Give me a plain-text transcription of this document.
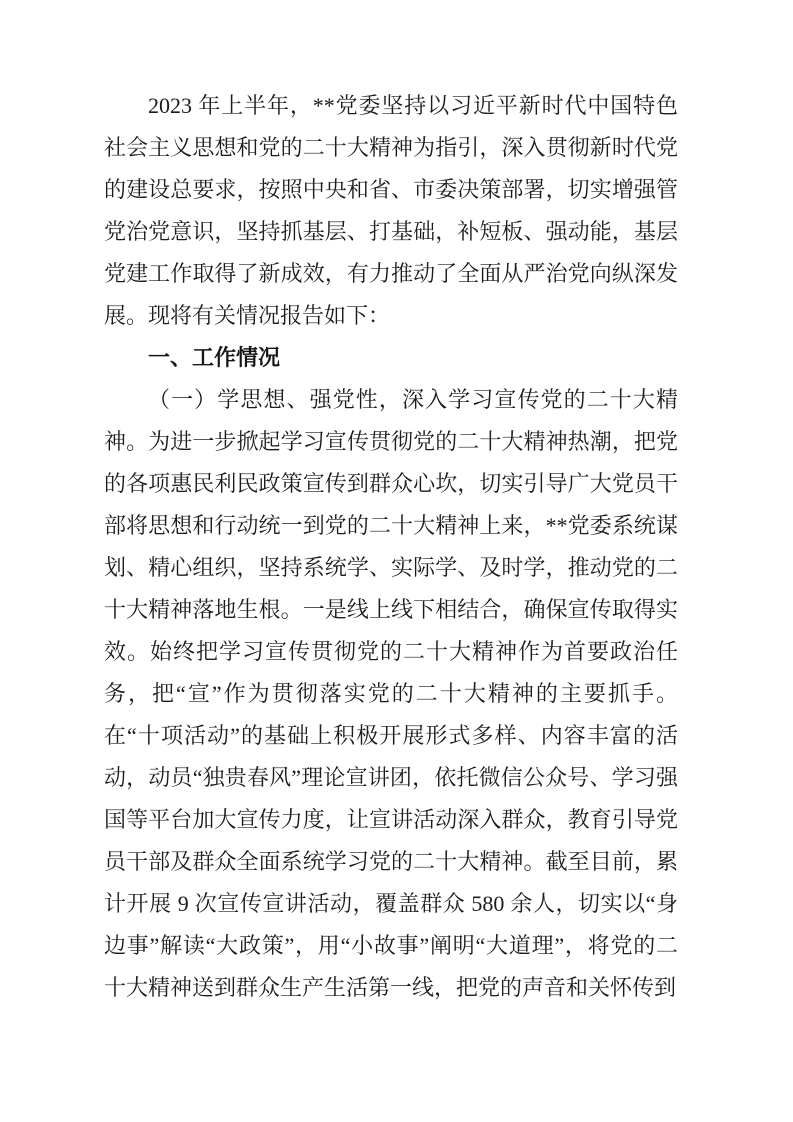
2023 年上半年，**党委坚持以习近平新时代中国特色社会主义思想和党的二十大精神为指引，深入贯彻新时代党的建设总要求，按照中央和省、市委决策部署，切实增强管党治党意识，坚持抓基层、打基础，补短板、强动能，基层党建工作取得了新成效，有力推动了全面从严治党向纵深发展。现将有关情况报告如下：

一、工作情况

（一）学思想、强党性，深入学习宣传党的二十大精神。为进一步掀起学习宣传贯彻党的二十大精神热潮，把党的各项惠民利民政策宣传到群众心坎，切实引导广大党员干部将思想和行动统一到党的二十大精神上来，**党委系统谋划、精心组织，坚持系统学、实际学、及时学，推动党的二十大精神落地生根。一是线上线下相结合，确保宣传取得实效。始终把学习宣传贯彻党的二十大精神作为首要政治任务，把“宣”作为贯彻落实党的二十大精神的主要抓手。在“十项活动”的基础上积极开展形式多样、内容丰富的活动，动员“独贵春风”理论宣讲团，依托微信公众号、学习强国等平台加大宣传力度，让宣讲活动深入群众，教育引导党员干部及群众全面系统学习党的二十大精神。截至目前，累计开展 9 次宣传宣讲活动，覆盖群众 580 余人，切实以“身边事”解读“大政策”，用“小故事”阐明“大道理”，将党的二十大精神送到群众生产生活第一线，把党的声音和关怀传到
